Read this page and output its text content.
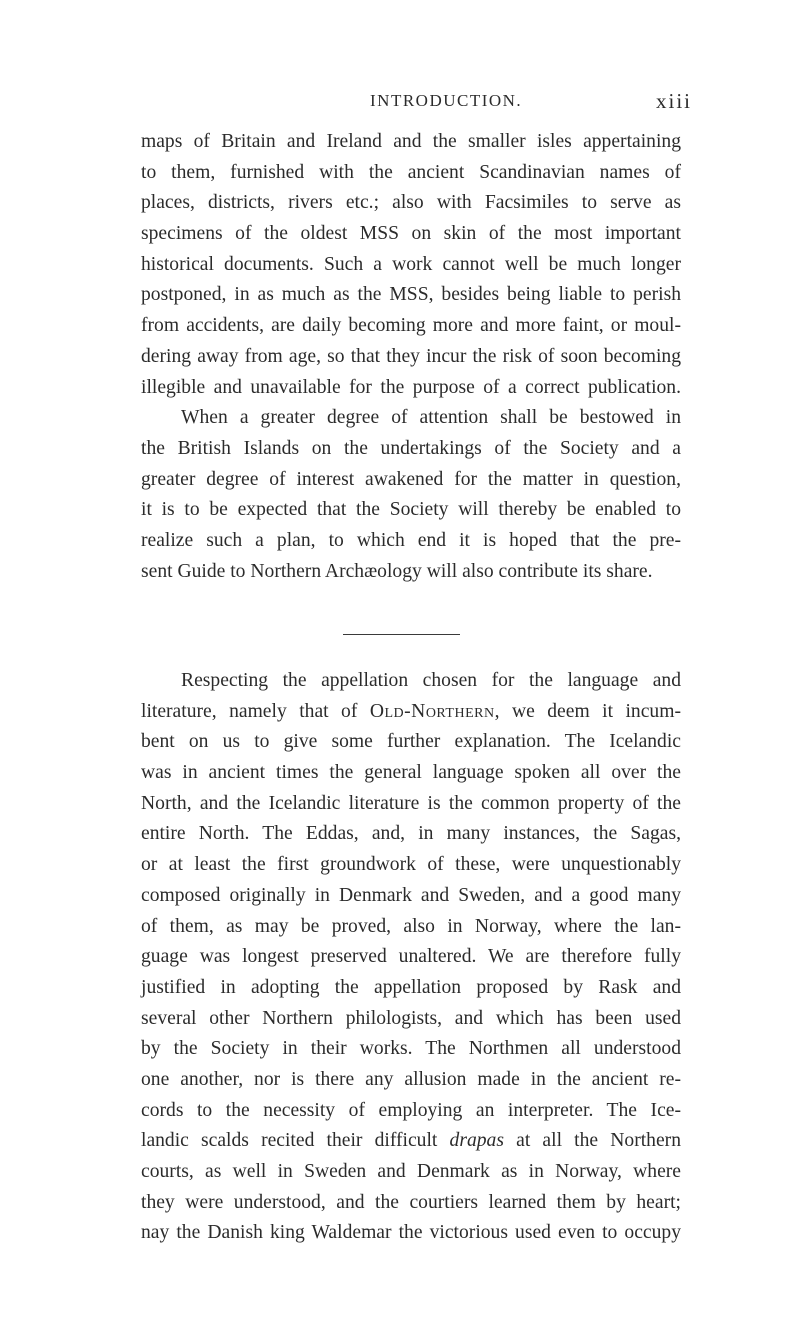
INTRODUCTION.	xiii
maps of Britain and Ireland and the smaller isles appertaining
to them, furnished with the ancient Scandinavian names of
places, districts, rivers etc.; also with Facsimiles to serve as
specimens of the oldest MSS on skin of the most important
historical documents. Such a work cannot well be much longer
postponed, in as much as the MSS, besides being liable to perish
from accidents, are daily becoming more and more faint, or moul-
dering away from age, so that they incur the risk of soon becoming
illegible and unavailable for the purpose of a correct publication.
When a greater degree of attention shall be bestowed in
the British Islands on the undertakings of the Society and a
greater degree of interest awakened for the matter in question,
it is to be expected that the Society will thereby be enabled to
realize such a plan, to which end it is hoped that the pre-
sent Guide to Northern Archæology will also contribute its share.
Respecting the appellation chosen for the language and
literature, namely that of Old-Northern, we deem it incum-
bent on us to give some further explanation. The Icelandic
was in ancient times the general language spoken all over the
North, and the Icelandic literature is the common property of the
entire North. The Eddas, and, in many instances, the Sagas,
or at least the first groundwork of these, were unquestionably
composed originally in Denmark and Sweden, and a good many
of them, as may be proved, also in Norway, where the lan-
guage was longest preserved unaltered. We are therefore fully
justified in adopting the appellation proposed by Rask and
several other Northern philologists, and which has been used
by the Society in their works. The Northmen all understood
one another, nor is there any allusion made in the ancient re-
cords to the necessity of employing an interpreter. The Ice-
landic scalds recited their difficult drapas at all the Northern
courts, as well in Sweden and Denmark as in Norway, where
they were understood, and the courtiers learned them by heart;
nay the Danish king Waldemar the victorious used even to occupy
